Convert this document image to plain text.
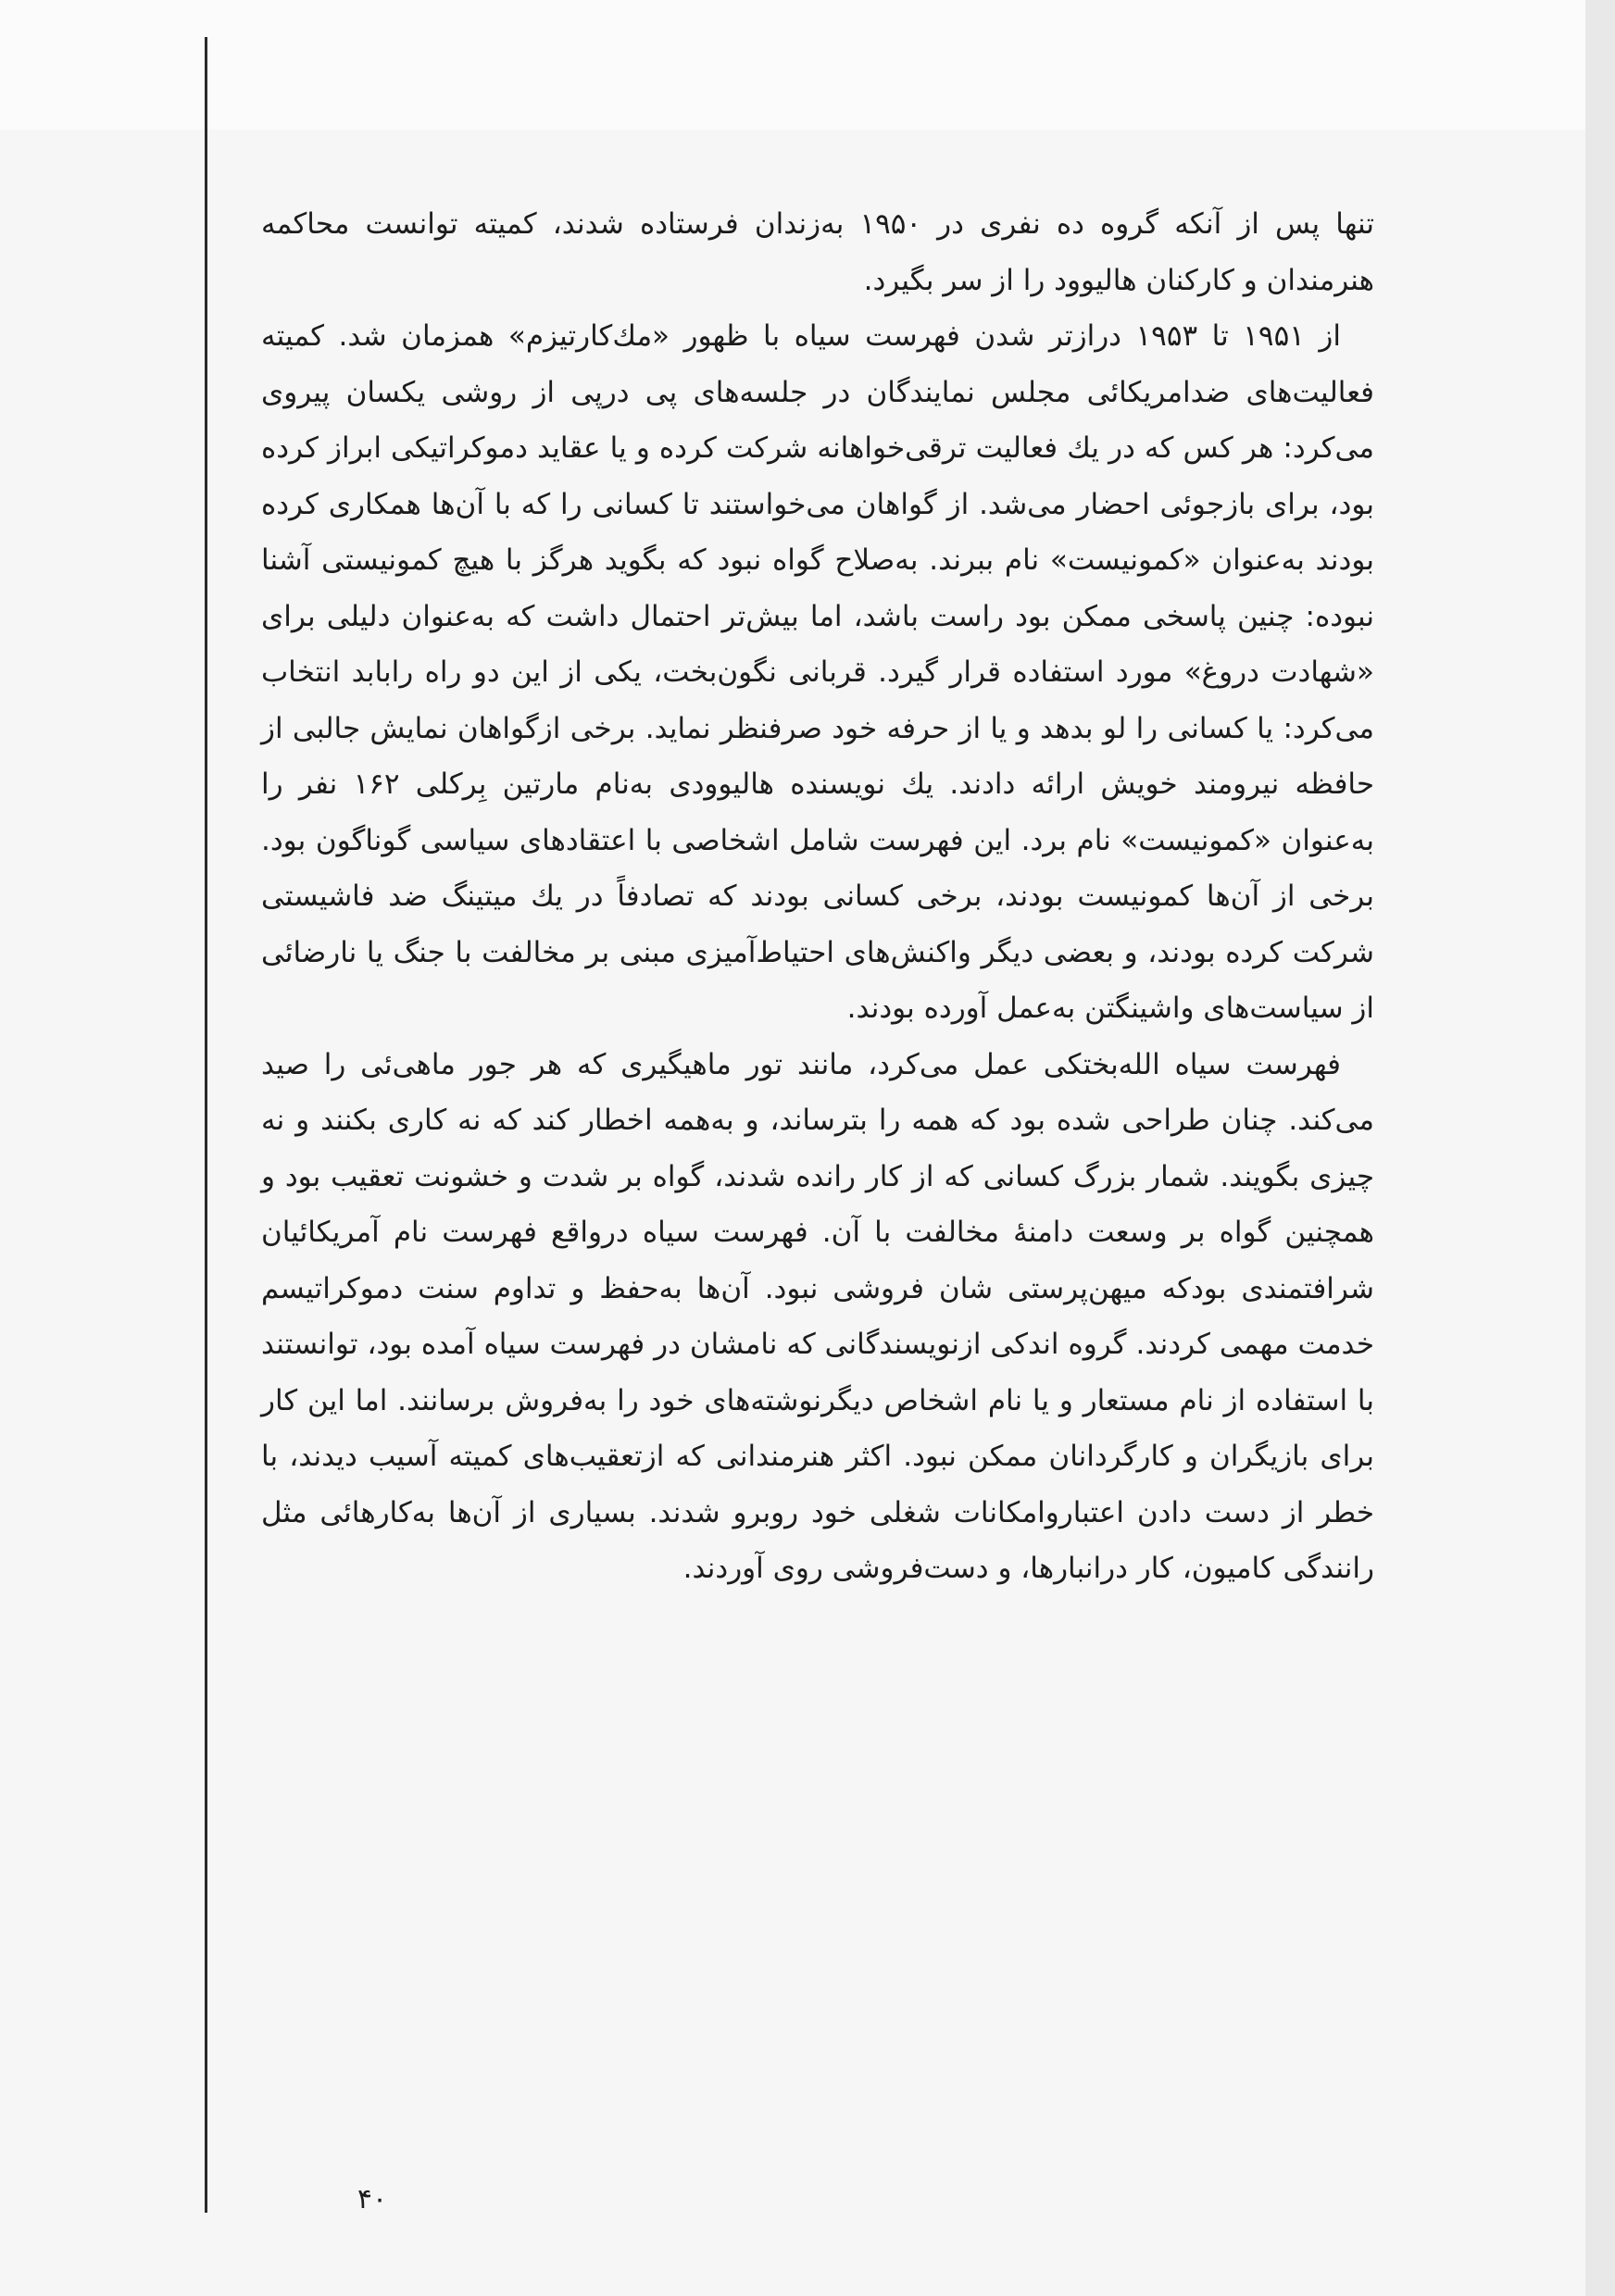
تنها پس از آنکه گروه ده نفری در ۱۹۵۰ به‌زندان فرستاده شدند، کمیته توانست محاکمه هنرمندان و کارکنان هالیوود را از سر بگیرد.

از ۱۹۵۱ تا ۱۹۵۳ درازتر شدن فهرست سیاه با ظهور «مك‌کارتیزم» همزمان شد. کمیته فعالیت‌های ضدامریکائی مجلس نمایندگان در جلسه‌های پی درپی از روشی یکسان پیروی می‌کرد: هر کس که در یك فعالیت ترقی‌خواهانه شرکت کرده و یا عقاید دموکراتیکی ابراز کرده بود، برای بازجوئی احضار می‌شد. از گواهان می‌خواستند تا کسانی را که با آن‌ها همکاری کرده بودند به‌عنوان «کمونیست» نام ببرند. به‌صلاح گواه نبود که بگوید هرگز با هیچ کمونیستی آشنا نبوده: چنین پاسخی ممکن بود راست باشد، اما بیش‌تر احتمال داشت که به‌عنوان دلیلی برای «شهادت دروغ» مورد استفاده قرار گیرد. قربانی نگون‌بخت، یکی از این دو راه رابابد انتخاب می‌کرد: یا کسانی را لو بدهد و یا از حرفه خود صرفنظر نماید. برخی ازگواهان نمایش جالبی از حافظه نیرومند خویش ارائه دادند. یك نویسنده هالیوودی به‌نام مارتین بِرکلی ۱۶۲ نفر را به‌عنوان «کمونیست» نام برد. این فهرست شامل اشخاصی با اعتقادهای سیاسی گوناگون بود. برخی از آن‌ها کمونیست بودند، برخی کسانی بودند که تصادفاً در یك میتینگ ضد فاشیستی شرکت کرده بودند، و بعضی دیگر واکنش‌های احتیاط‌آمیزی مبنی بر مخالفت با جنگ یا نارضائی از سیاست‌های واشینگتن به‌عمل آورده بودند.

فهرست سیاه الله‌بختکی عمل می‌کرد، مانند تور ماهیگیری که هر جور ماهی‌ئی را صید می‌کند. چنان طراحی شده بود که همه را بترساند، و به‌همه اخطار کند که نه کاری بکنند و نه چیزی بگویند. شمار بزرگ کسانی که از کار رانده شدند، گواه بر شدت و خشونت تعقیب بود و همچنین گواه بر وسعت دامنهٔ مخالفت با آن. فهرست سیاه درواقع فهرست نام آمریکائیان شرافتمندی بودکه میهن‌پرستی شان فروشی نبود. آن‌ها به‌حفظ و تداوم سنت دموکراتیسم خدمت مهمی کردند. گروه اندکی ازنویسندگانی که نامشان در فهرست سیاه آمده بود، توانستند با استفاده از نام مستعار و یا نام اشخاص دیگرنوشته‌های خود را به‌فروش برسانند. اما این کار برای بازیگران و کارگردانان ممکن نبود. اکثر هنرمندانی که ازتعقیب‌های کمیته آسیب دیدند، با خطر از دست دادن اعتبارو‌امکانات شغلی خود روبرو شدند. بسیاری از آن‌ها به‌کارهائی مثل رانندگی کامیون، کار درانبارها، و دست‌فروشی روی آوردند.

۴۰
